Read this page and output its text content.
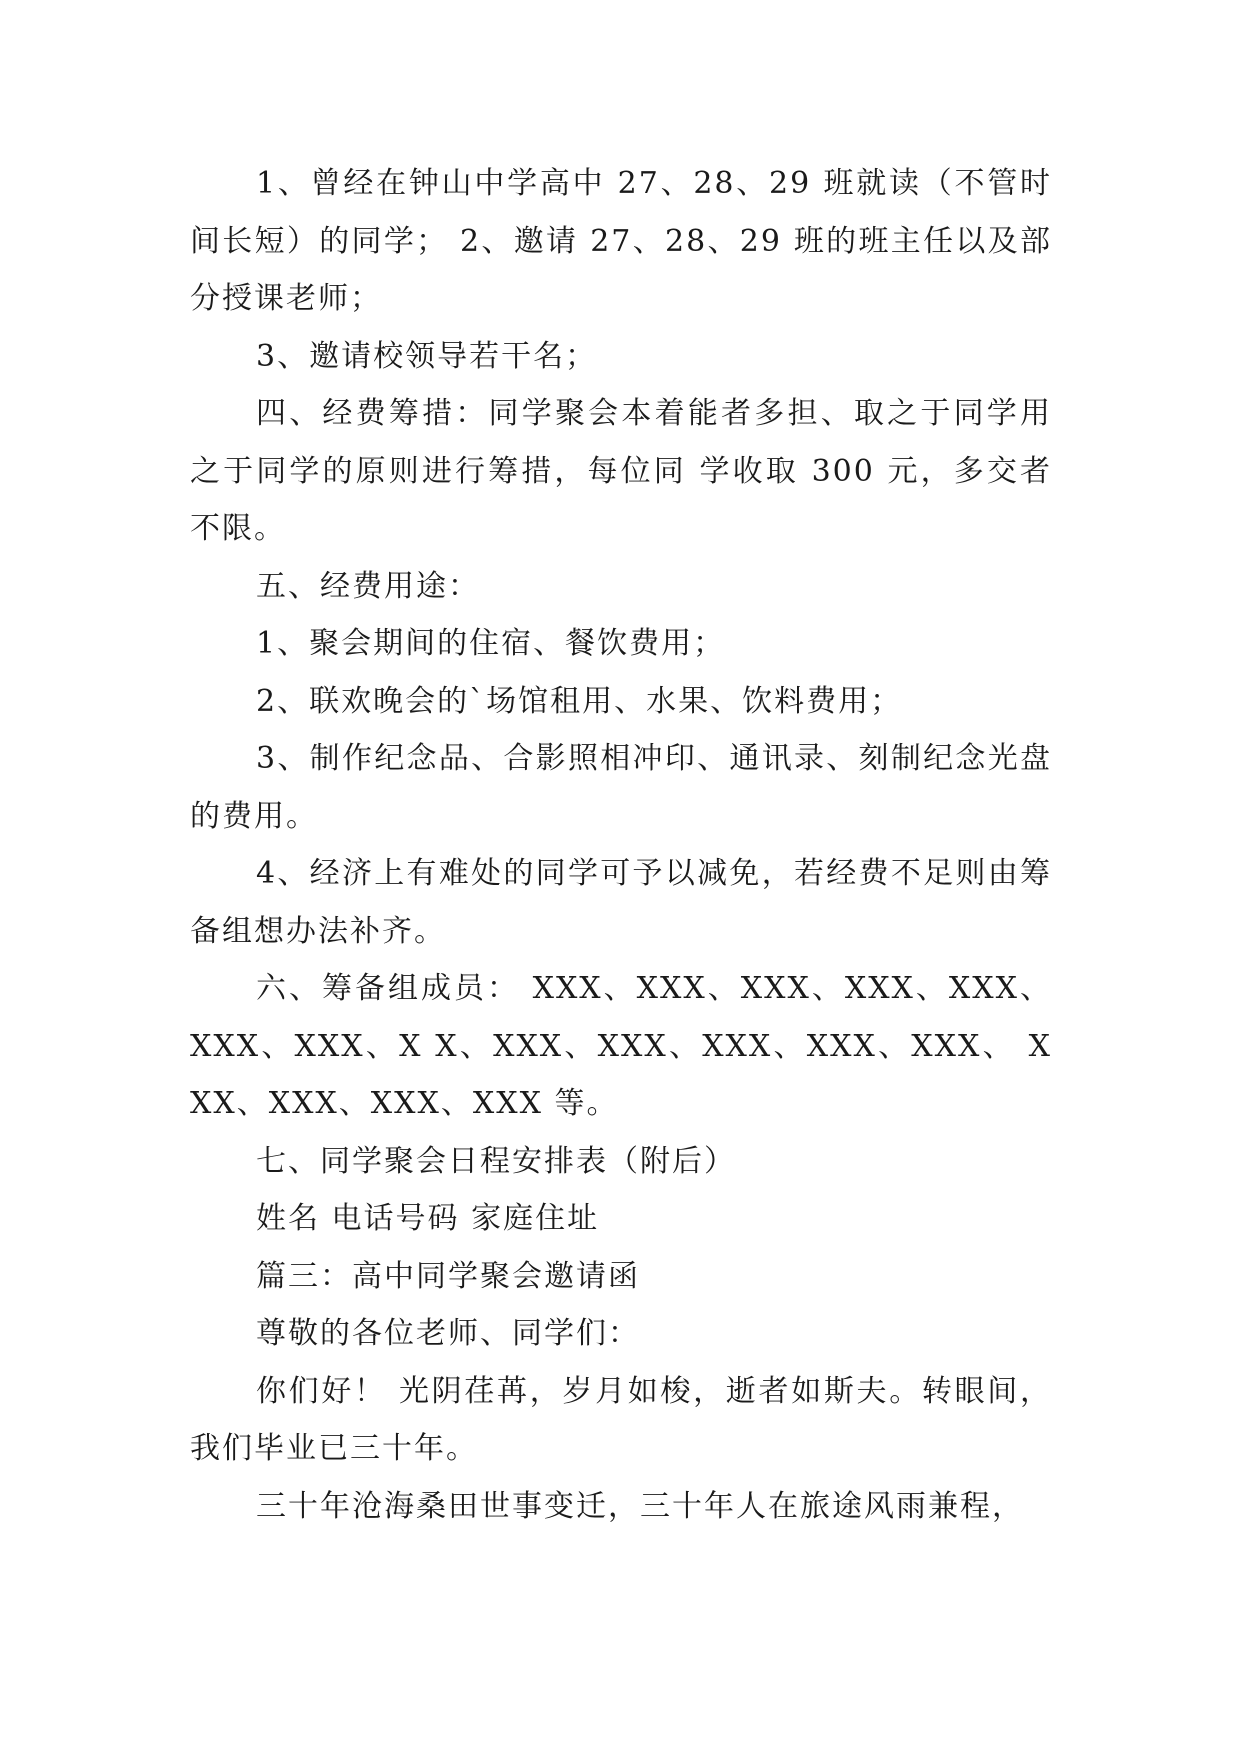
1、曾经在钟山中学高中 27、28、29 班就读（不管时间长短）的同学； 2、邀请 27、28、29 班的班主任以及部分授课老师；

3、邀请校领导若干名；

四、经费筹措：同学聚会本着能者多担、取之于同学用之于同学的原则进行筹措，每位同 学收取 300 元，多交者不限。

五、经费用途：

1、聚会期间的住宿、餐饮费用；

2、联欢晚会的`场馆租用、水果、饮料费用；

3、制作纪念品、合影照相冲印、通讯录、刻制纪念光盘的费用。

4、经济上有难处的同学可予以减免，若经费不足则由筹备组想办法补齐。

六、筹备组成员： XXX、XXX、XXX、XXX、XXX、XXX、XXX、X X、XXX、XXX、XXX、XXX、XXX、 XXX、XXX、XXX、XXX 等。

七、同学聚会日程安排表（附后）

姓名 电话号码 家庭住址

篇三：高中同学聚会邀请函

尊敬的各位老师、同学们：

你们好！ 光阴荏苒，岁月如梭，逝者如斯夫。转眼间，我们毕业已三十年。

三十年沧海桑田世事变迁，三十年人在旅途风雨兼程，
